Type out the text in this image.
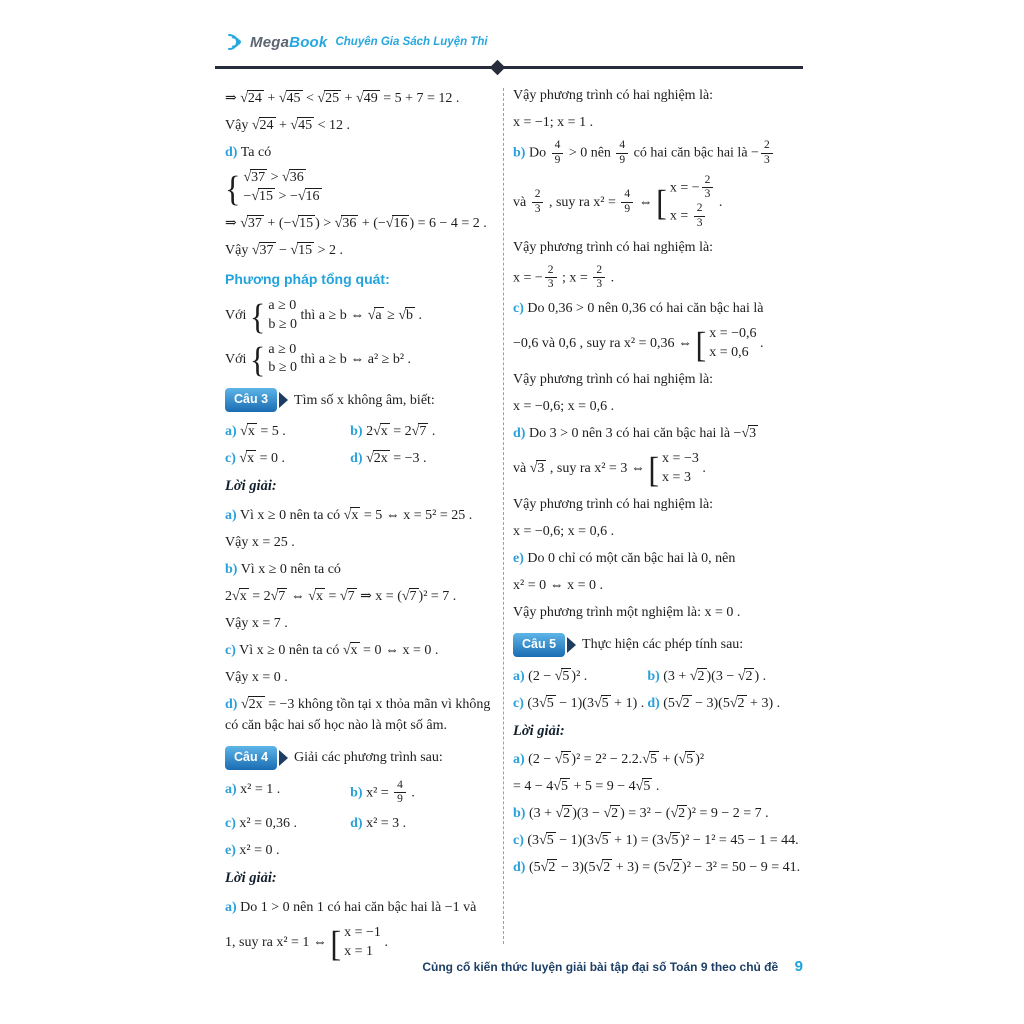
MegaBook Chuyên Gia Sách Luyện Thi
⇒ √24 + √45 < √25 + √49 = 5 + 7 = 12 .
Vậy √24 + √45 < 12 .
d) Ta có
{ √37 > √36
−√15 > −√16
⇒ √37 + (−√15 ) > √36 + (−√16 ) = 6 − 4 = 2 .
Vậy √37 − √15 > 2 .
Phương pháp tổng quát:
Với { a ≥ 0
b ≥ 0
thì a ≥ b ⇔ √a ≥ √b .
Với { a ≥ 0
b ≥ 0
thì a ≥ b ⇔ a² ≥ b² .
Câu 3	Tìm số x không âm, biết:
a) √x = 5 .	b) 2√x = 2√7 .
c) √x = 0 .	d) √2x = −3 .
Lời giải:
a) Vì x ≥ 0 nên ta có √x = 5 ⇔ x = 5² = 25 .
Vậy x = 25 .
b) Vì x ≥ 0 nên ta có
2√x = 2√7 ⇔ √x = √7 ⇒ x = (√7 )² = 7 .
Vậy x = 7 .
c) Vì x ≥ 0 nên ta có √x = 0 ⇔ x = 0 .
Vậy x = 0 .
d) √2x = −3 không tồn tại x thỏa mãn vì không có căn bậc hai số học nào là một số âm.
Câu 4	Giải các phương trình sau:
a) x² = 1 .	b) $x^2 = \frac{4}{9}$ .
c) x² = 0,36 .	d) x² = 3 .
e) x² = 0 .
Lời giải:
a) Do 1 > 0 nên 1 có hai căn bậc hai là −1 và
1, suy ra x² = 1 ⇔ [ x = −1
x = 1
.
Vậy phương trình có hai nghiệm là:
x = −1; x = 1 .
b) Do $\frac{4}{9} > 0$ nên $\frac{4}{9}$ có hai căn bậc hai là − $\frac{2}{3}$
và $\frac{2}{3}$ , suy ra $x^2 = \frac{4}{9}$ ⇔ [ x = − $\frac{2}{3}$
$x = \frac{2}{3}$
.
Vậy phương trình có hai nghiệm là:
x = − $\frac{2}{3}$ ; $x = \frac{2}{3}$ .
c) Do 0,36 > 0 nên 0,36 có hai căn bậc hai là
−0,6 và 0,6 , suy ra x² = 0,36 ⇔ [ x = −0,6
x = 0,6
.
Vậy phương trình có hai nghiệm là:
x = −0,6; x = 0,6 .
d) Do 3 > 0 nên 3 có hai căn bậc hai là −√3
và √3 , suy ra x² = 3 ⇔ [ x = −3
x = 3
.
Vậy phương trình có hai nghiệm là:
x = −0,6; x = 0,6 .
e) Do 0 chỉ có một căn bậc hai là 0, nên
x² = 0 ⇔ x = 0 .
Vậy phương trình một nghiệm là: x = 0 .
Câu 5	Thực hiện các phép tính sau:
a) (2 − √5 )² .	b) (3 + √2 )(3 − √2 ) .
c) (3√5 − 1)(3√5 + 1) . d) (5√2 − 3)(5√2 + 3) .
Lời giải:
a) (2 − √5 )² = 2² − 2.2.√5 + (√5 )²
= 4 − 4√5 + 5 = 9 − 4√5 .
b) (3 + √2 )(3 − √2 ) = 3² − (√2 )² = 9 − 2 = 7 .
c) (3√5 − 1)(3√5 + 1) = (3√5 )² − 1² = 45 − 1 = 44.
d) (5√2 − 3)(5√2 + 3) = (5√2 )² − 3² = 50 − 9 = 41.
Củng cố kiến thức luyện giải bài tập đại số Toán 9 theo chủ đề 9
